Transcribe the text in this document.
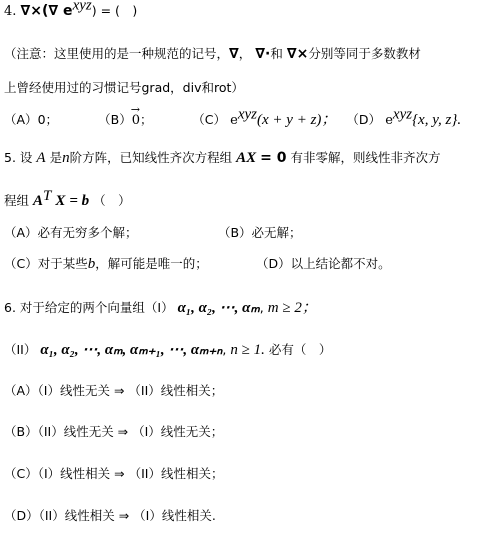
4. ∇×(∇ $e^{xyz}$) = (　)
（注意：这里使用的是一种规范的记号，∇， ∇·和 ∇×分别等同于多数教材
上曾经使用过的习惯记号grad，div和rot）
（A）0；	（B）→ 0；	（C） $e^{xyz}(x + y + z)$； （D） $e^{xyz}\{x$, y, z}.
5. 设 A 是n阶方阵，已知线性齐次方程组 AX = 0 有非零解，则线性非齐次方
程组 $A^T$ X = b （　）
（A）必有无穷多个解；	（B）必无解；
（C）对于某些b，解可能是唯一的；	（D）以上结论都不对。
6. 对于给定的两个向量组（I） α₁, α₂, ⋯, αₘ, m ≥ 2；
（II） α₁, α₂, ⋯, αₘ, αₘ₊₁, ⋯, αₘ₊ₙ, n ≥ 1. 必有（　）
（A）（I）线性无关 ⇒ （II）线性相关；
（B）（II）线性无关 ⇒ （I）线性无关；
（C）（I）线性相关 ⇒ （II）线性相关；
（D）（II）线性相关 ⇒ （I）线性相关.
